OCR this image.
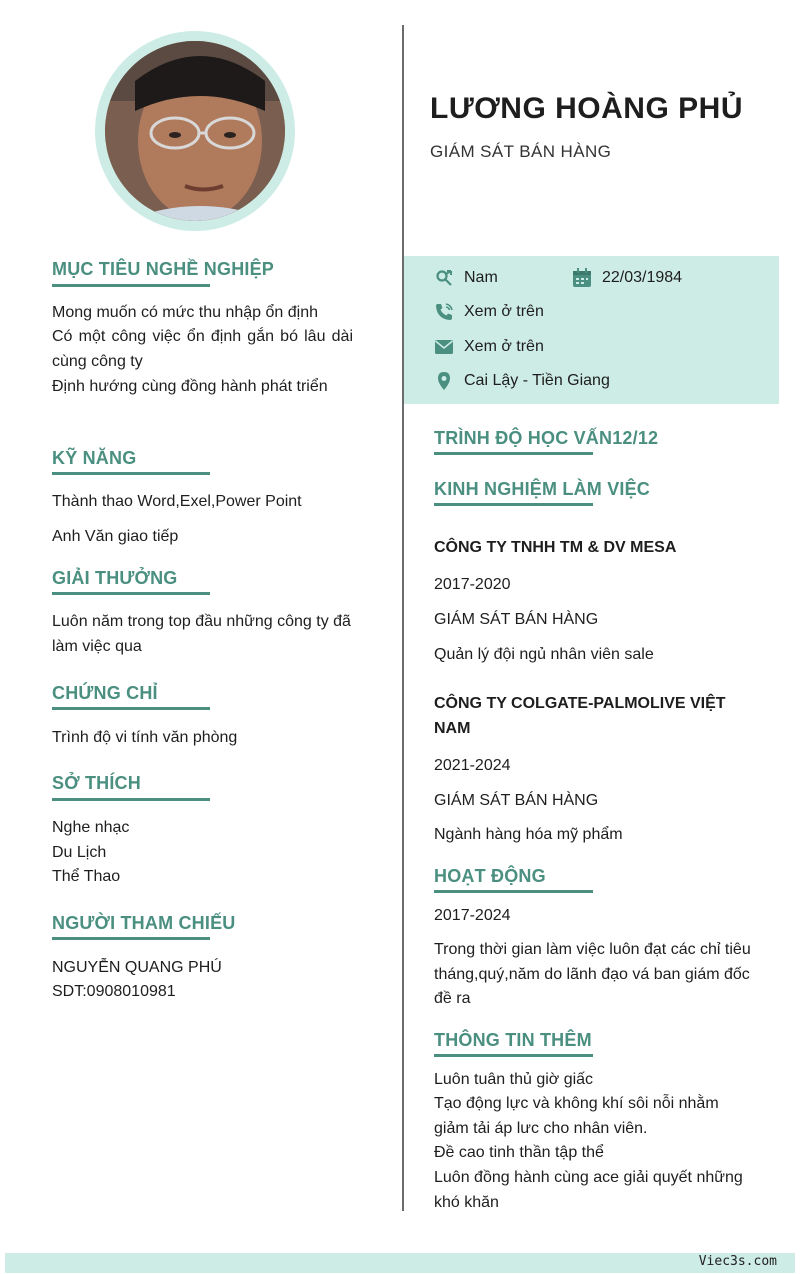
LƯƠNG HOÀNG PHỦ
GIÁM SÁT BÁN HÀNG
Nam	22/03/1984
Xem ở trên
Xem ở trên
Cai Lậy - Tiền Giang
MỤC TIÊU NGHỀ NGHIỆP
Mong muốn có mức thu nhập ổn định
Có một công việc ổn định gắn bó lâu dài cùng công ty
Định hướng cùng đồng hành phát triển
KỸ NĂNG
Thành thao Word,Exel,Power Point
Anh Văn giao tiếp
GIẢI THƯỞNG
Luôn năm trong top đầu những công ty đã làm việc qua
CHỨNG CHỈ
Trình độ vi tính văn phòng
SỞ THÍCH
Nghe nhạc
Du Lịch
Thể Thao
NGƯỜI THAM CHIẾU
NGUYỄN QUANG PHÚ
SDT:0908010981
TRÌNH ĐỘ HỌC VẤN12/12
KINH NGHIỆM LÀM VIỆC
CÔNG TY TNHH TM & DV MESA
2017-2020
GIÁM SÁT BÁN HÀNG
Quản lý đội ngủ nhân viên sale
CÔNG TY COLGATE-PALMOLIVE VIỆT NAM
2021-2024
GIÁM SÁT BÁN HÀNG
Ngành hàng hóa mỹ phẩm
HOẠT ĐỘNG
2017-2024
Trong thời gian làm việc luôn đạt các chỉ tiêu tháng,quý,năm do lãnh đạo vá ban giám đốc đề ra
THÔNG TIN THÊM
Luôn tuân thủ giờ giấc
Tạo động lực và không khí sôi nỗi nhằm giảm tải áp lưc cho nhân viên.
Đề cao tinh thần tập thể
Luôn đồng hành cùng ace giải quyết những khó khăn
Viec3s.com
